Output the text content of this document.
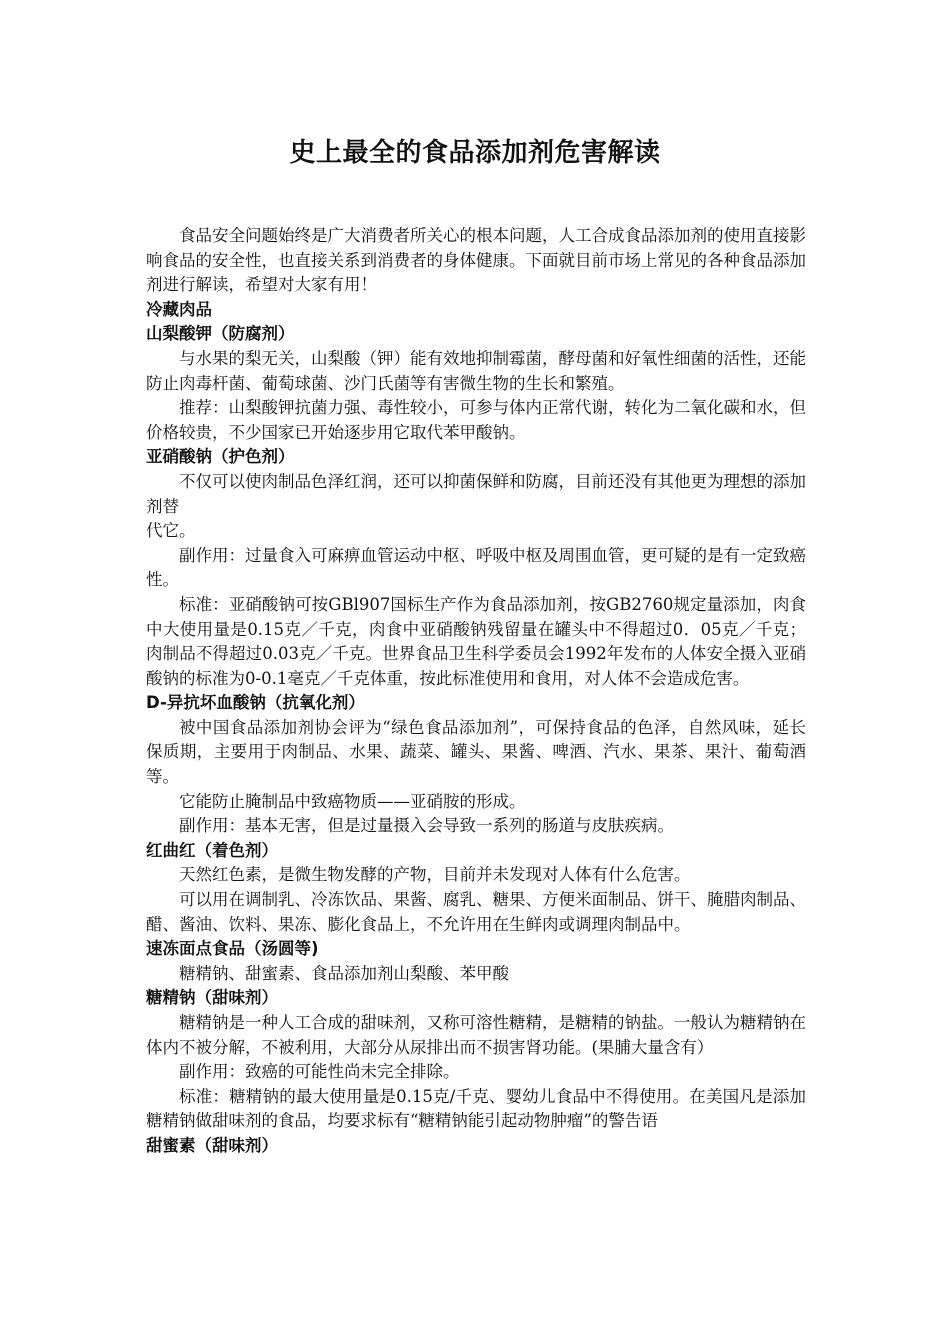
史上最全的食品添加剂危害解读

食品安全问题始终是广大消费者所关心的根本问题，人工合成食品添加剂的使用直接影响食品的安全性，也直接关系到消费者的身体健康。下面就目前市场上常见的各种食品添加剂进行解读，希望对大家有用！

冷藏肉品

山梨酸钾（防腐剂）

与水果的梨无关，山梨酸（钾）能有效地抑制霉菌，酵母菌和好氧性细菌的活性，还能防止肉毒杆菌、葡萄球菌、沙门氏菌等有害微生物的生长和繁殖。

推荐：山梨酸钾抗菌力强、毒性较小，可参与体内正常代谢，转化为二氧化碳和水，但价格较贵，不少国家已开始逐步用它取代苯甲酸钠。

亚硝酸钠（护色剂）

不仅可以使肉制品色泽红润，还可以抑菌保鲜和防腐，目前还没有其他更为理想的添加剂替

代它。

副作用：过量食入可麻痹血管运动中枢、呼吸中枢及周围血管，更可疑的是有一定致癌性。

标准：亚硝酸钠可按GBl907国标生产作为食品添加剂，按GB2760规定量添加，肉食中大使用量是0.15克／千克，肉食中亚硝酸钠残留量在罐头中不得超过0．05克／千克；肉制品不得超过0.03克／千克。世界食品卫生科学委员会1992年发布的人体安全摄入亚硝酸钠的标准为0-0.1毫克／千克体重，按此标准使用和食用，对人体不会造成危害。

D-异抗坏血酸钠（抗氧化剂）

被中国食品添加剂协会评为“绿色食品添加剂”，可保持食品的色泽，自然风味，延长保质期，主要用于肉制品、水果、蔬菜、罐头、果酱、啤酒、汽水、果茶、果汁、葡萄酒等。

它能防止腌制品中致癌物质——亚硝胺的形成。

副作用：基本无害，但是过量摄入会导致一系列的肠道与皮肤疾病。

红曲红（着色剂）

天然红色素，是微生物发酵的产物，目前并未发现对人体有什么危害。

可以用在调制乳、冷冻饮品、果酱、腐乳、糖果、方便米面制品、饼干、腌腊肉制品、醋、酱油、饮料、果冻、膨化食品上，不允许用在生鲜肉或调理肉制品中。

速冻面点食品（汤圆等)

糖精钠、甜蜜素、食品添加剂山梨酸、苯甲酸

糖精钠（甜味剂）

糖精钠是一种人工合成的甜味剂，又称可溶性糖精，是糖精的钠盐。一般认为糖精钠在体内不被分解，不被利用，大部分从尿排出而不损害肾功能。(果脯大量含有）

副作用：致癌的可能性尚未完全排除。

标准：糖精钠的最大使用量是0.15克/千克、婴幼儿食品中不得使用。在美国凡是添加糖精钠做甜味剂的食品，均要求标有“糖精钠能引起动物肿瘤”的警告语

甜蜜素（甜味剂）
